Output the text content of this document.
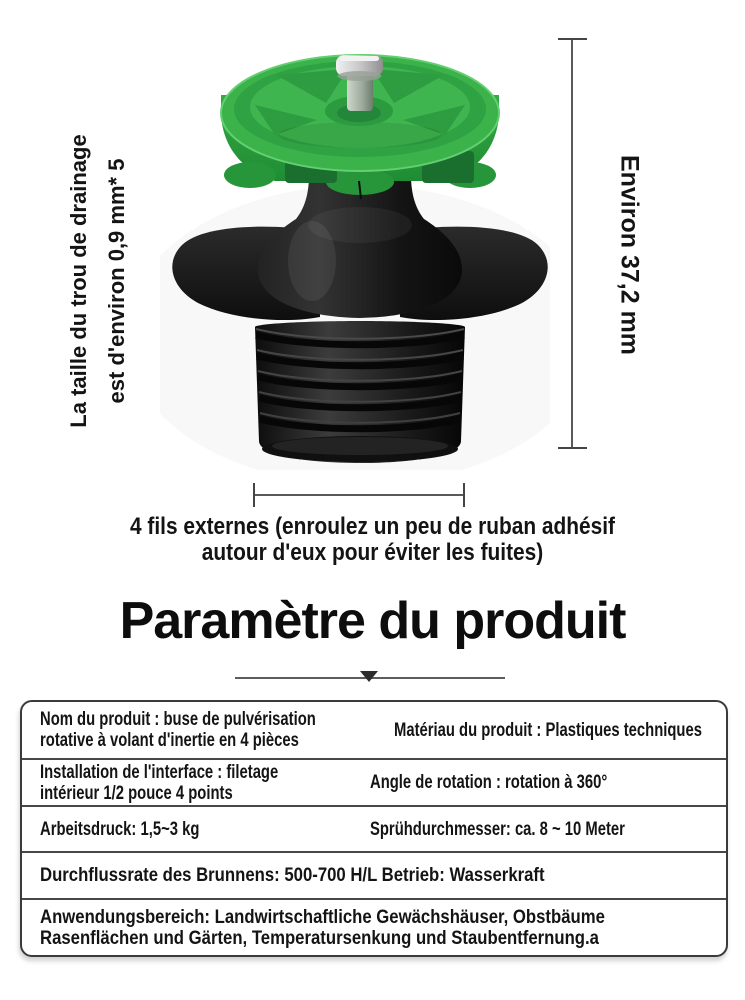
La taille du trou de drainage est d'environ 0,9 mm* 5	Environ 37,2 mm
4 fils externes (enroulez un peu de ruban adhésif
autour d'eux pour éviter les fuites)
Paramètre du produit
Nom du produit : buse de pulvérisation
rotative à volant d'inertie en 4 pièces	Matériau du produit : Plastiques techniques
Installation de l'interface : filetage
intérieur 1/2 pouce 4 points	Angle de rotation : rotation à 360°
Arbeitsdruck: 1,5~3 kg	Sprühdurchmesser: ca. 8 ~ 10 Meter
Durchflussrate des Brunnens: 500-700 H/L Betrieb: Wasserkraft
Anwendungsbereich: Landwirtschaftliche Gewächshäuser, Obstbäume
Rasenflächen und Gärten, Temperatursenkung und Staubentfernung.a
